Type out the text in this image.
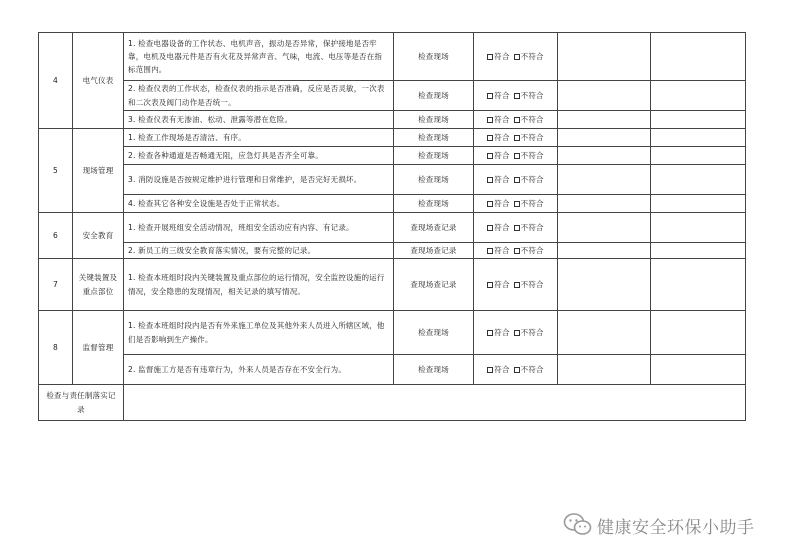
4	电气仪表	1. 检查电器设备的工作状态、电机声音，振动是否异常，保护接地是否牢靠，电机及电器元件是否有火花及异常声音、气味，电流、电压等是否在指标范围内。	检查现场	符合 不符合		
		2. 检查仪表的工作状态，检查仪表的指示是否准确，反应是否灵敏，一次表和二次表及阀门动作是否统一。	检查现场	符合 不符合		
		3. 检查仪表有无渗油、松动、泄露等潜在危险。	检查现场	符合 不符合		
5	现场管理	1. 检查工作现场是否清洁、有序。	检查现场	符合 不符合		
		2. 检查各种通道是否畅通无阻，应急灯具是否齐全可靠。	检查现场	符合 不符合		
		3. 消防设施是否按规定维护进行管理和日常维护，是否完好无损坏。	检查现场	符合 不符合		
		4. 检查其它各种安全设施是否处于正常状态。	检查现场	符合 不符合		
6	安全教育	1. 检查开展班组安全活动情况，班组安全活动应有内容、有记录。	查现场查记录	符合 不符合		
		2. 新员工的三级安全教育落实情况，要有完整的记录。	查现场查记录	符合 不符合		
7	关键装置及重点部位	1. 检查本班组时段内关键装置及重点部位的运行情况，安全监控设施的运行情况，安全隐患的发现情况，相关记录的填写情况。	查现场查记录	符合 不符合		
8	监督管理	1. 检查本班组时段内是否有外来施工单位及其他外来人员进入所辖区域，他们是否影响到生产操作。	检查现场	符合 不符合		
		2. 监督施工方是否有违章行为，外来人员是否存在不安全行为。	检查现场	符合 不符合		
检查与责任制落实记录						
健康安全环保小助手
